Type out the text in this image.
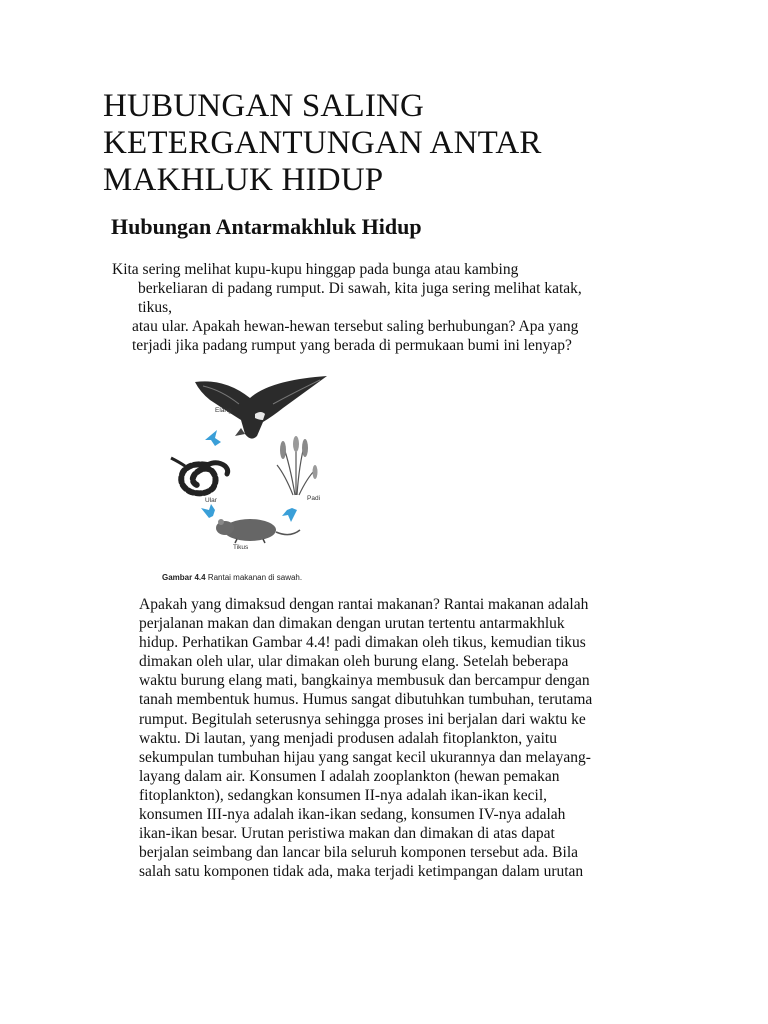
HUBUNGAN SALING
KETERGANTUNGAN ANTAR
MAKHLUK HIDUP
Hubungan Antarmakhluk Hidup
Kita sering melihat kupu-kupu hinggap pada bunga atau kambing
berkeliaran di padang rumput. Di sawah, kita juga sering melihat katak,
tikus,
atau ular. Apakah hewan-hewan tersebut saling berhubungan? Apa yang
terjadi jika padang rumput yang berada di permukaan bumi ini lenyap?
Elang
Padi
Ular
Tikus
Gambar 4.4 Rantai makanan di sawah.
Apakah yang dimaksud dengan rantai makanan? Rantai makanan adalah
perjalanan makan dan dimakan dengan urutan tertentu antarmakhluk
hidup. Perhatikan Gambar 4.4! padi dimakan oleh tikus, kemudian tikus
dimakan oleh ular, ular dimakan oleh burung elang. Setelah beberapa
waktu burung elang mati, bangkainya membusuk dan bercampur dengan
tanah membentuk humus. Humus sangat dibutuhkan tumbuhan, terutama
rumput. Begitulah seterusnya sehingga proses ini berjalan dari waktu ke
waktu. Di lautan, yang menjadi produsen adalah fitoplankton, yaitu
sekumpulan tumbuhan hijau yang sangat kecil ukurannya dan melayang-
layang dalam air. Konsumen I adalah zooplankton (hewan pemakan
fitoplankton), sedangkan konsumen II-nya adalah ikan-ikan kecil,
konsumen III-nya adalah ikan-ikan sedang, konsumen IV-nya adalah
ikan-ikan besar. Urutan peristiwa makan dan dimakan di atas dapat
berjalan seimbang dan lancar bila seluruh komponen tersebut ada. Bila
salah satu komponen tidak ada, maka terjadi ketimpangan dalam urutan
